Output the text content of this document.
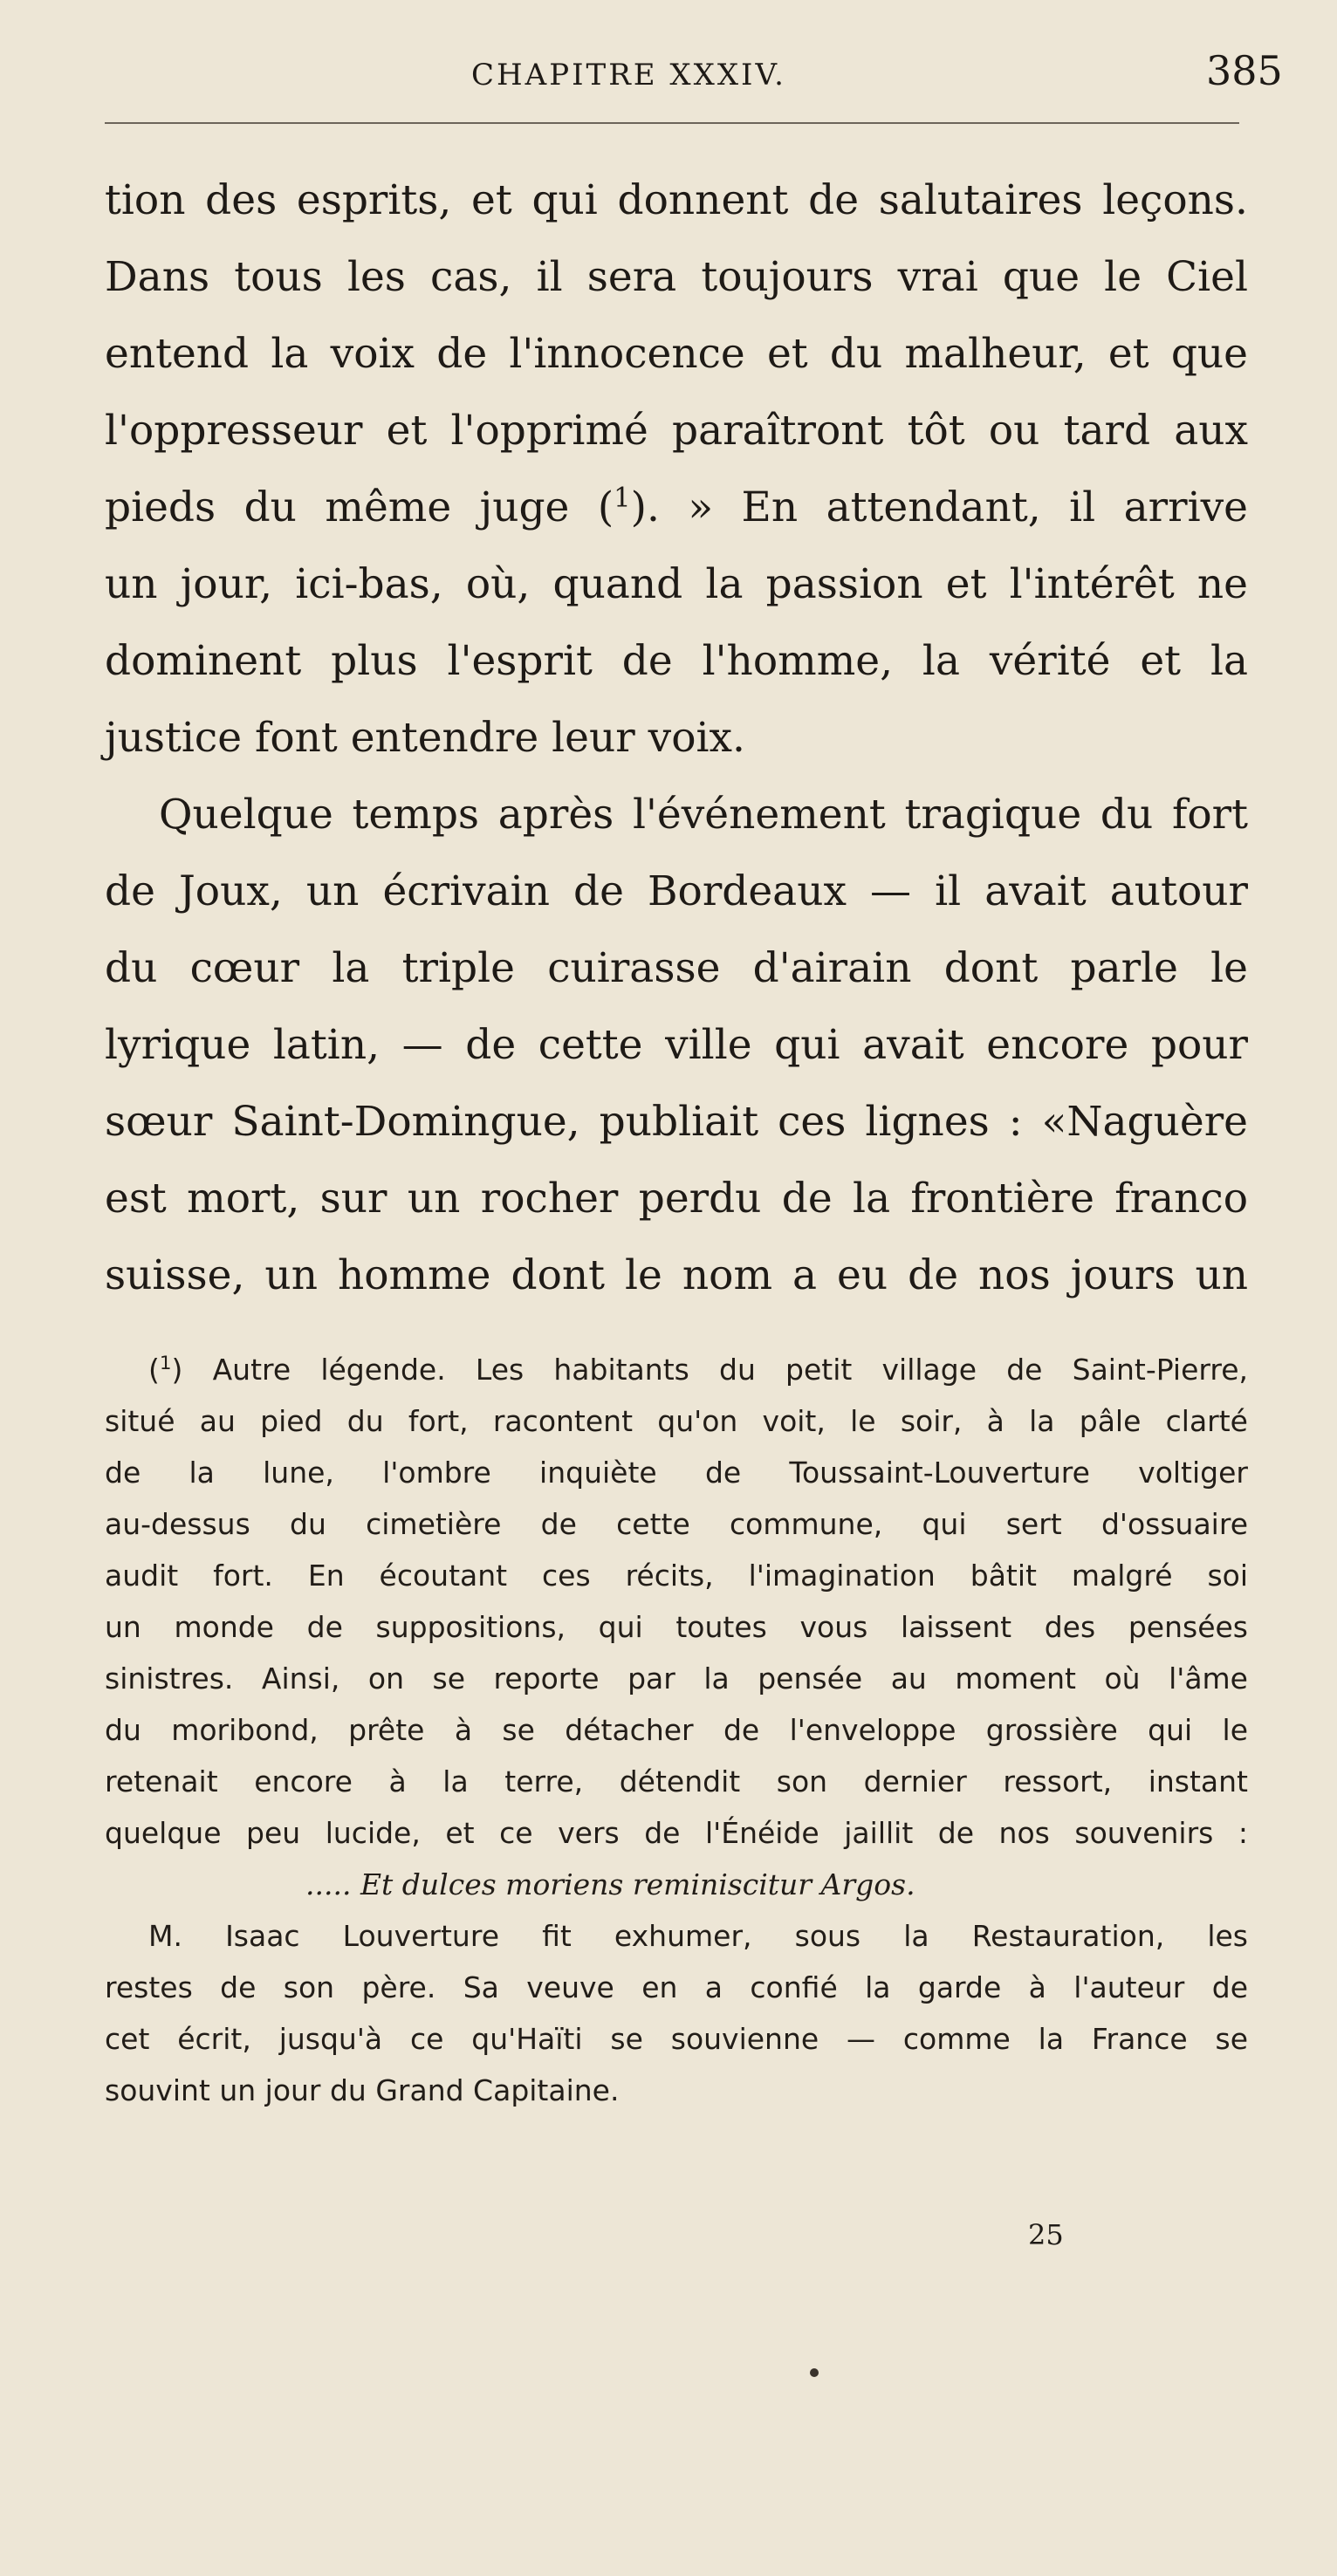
CHAPITRE XXXIV.	385
tion des esprits, et qui donnent de salutaires leçons.
Dans tous les cas, il sera toujours vrai que le Ciel
entend la voix de l'innocence et du malheur, et que
l'oppresseur et l'opprimé paraîtront tôt ou tard aux
pieds du même juge ($^1$). » En attendant, il arrive
un jour, ici-bas, où, quand la passion et l'intérêt ne
dominent plus l'esprit de l'homme, la vérité et la
justice font entendre leur voix.
Quelque temps après l'événement tragique du fort
de Joux, un écrivain de Bordeaux — il avait autour
du cœur la triple cuirasse d'airain dont parle le
lyrique latin, — de cette ville qui avait encore pour
sœur Saint-Domingue, publiait ces lignes : «Naguère
est mort, sur un rocher perdu de la frontière franco
suisse, un homme dont le nom a eu de nos jours un
($^1$) Autre légende. Les habitants du petit village de Saint-Pierre,
situé au pied du fort, racontent qu'on voit, le soir, à la pâle clarté
de la lune, l'ombre inquiète de Toussaint-Louverture voltiger
au-dessus du cimetière de cette commune, qui sert d'ossuaire
audit fort. En écoutant ces récits, l'imagination bâtit malgré soi
un monde de suppositions, qui toutes vous laissent des pensées
sinistres. Ainsi, on se reporte par la pensée au moment où l'âme
du moribond, prête à se détacher de l'enveloppe grossière qui le
retenait encore à la terre, détendit son dernier ressort, instant
quelque peu lucide, et ce vers de l'Énéide jaillit de nos souvenirs :
..... Et dulces moriens reminiscitur Argos.
M. Isaac Louverture fit exhumer, sous la Restauration, les
restes de son père. Sa veuve en a confié la garde à l'auteur de
cet écrit, jusqu'à ce qu'Haïti se souvienne — comme la France se
souvint un jour du Grand Capitaine.
25
